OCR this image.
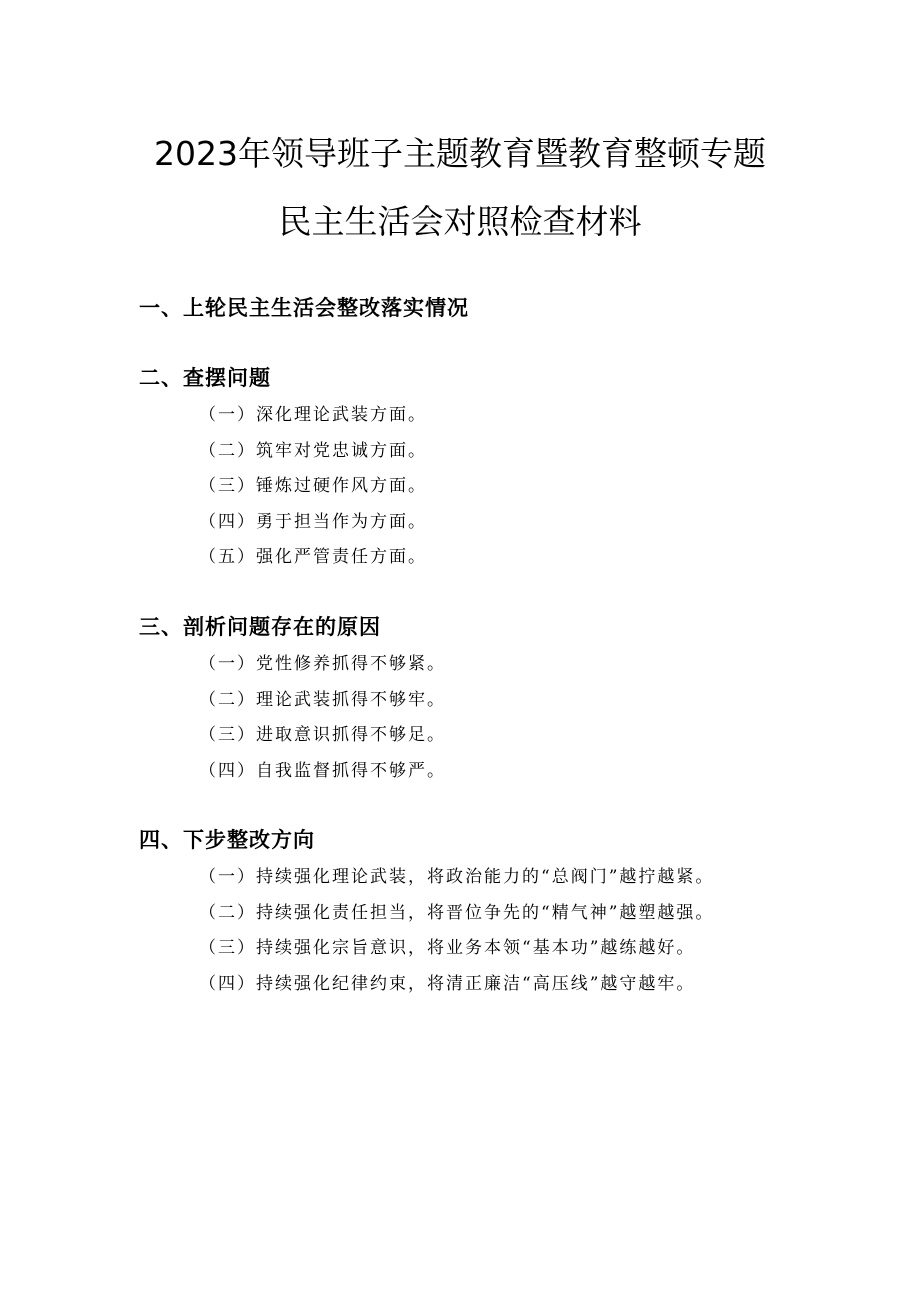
2023年领导班子主题教育暨教育整顿专题
民主生活会对照检查材料
一、上轮民主生活会整改落实情况
二、查摆问题
（一）深化理论武装方面。
（二）筑牢对党忠诚方面。
（三）锤炼过硬作风方面。
（四）勇于担当作为方面。
（五）强化严管责任方面。
三、剖析问题存在的原因
（一）党性修养抓得不够紧。
（二）理论武装抓得不够牢。
（三）进取意识抓得不够足。
（四）自我监督抓得不够严。
四、下步整改方向
（一）持续强化理论武装，将政治能力的“总阀门”越拧越紧。
（二）持续强化责任担当，将晋位争先的“精气神”越塑越强。
（三）持续强化宗旨意识，将业务本领“基本功”越练越好。
（四）持续强化纪律约束，将清正廉洁“高压线”越守越牢。
